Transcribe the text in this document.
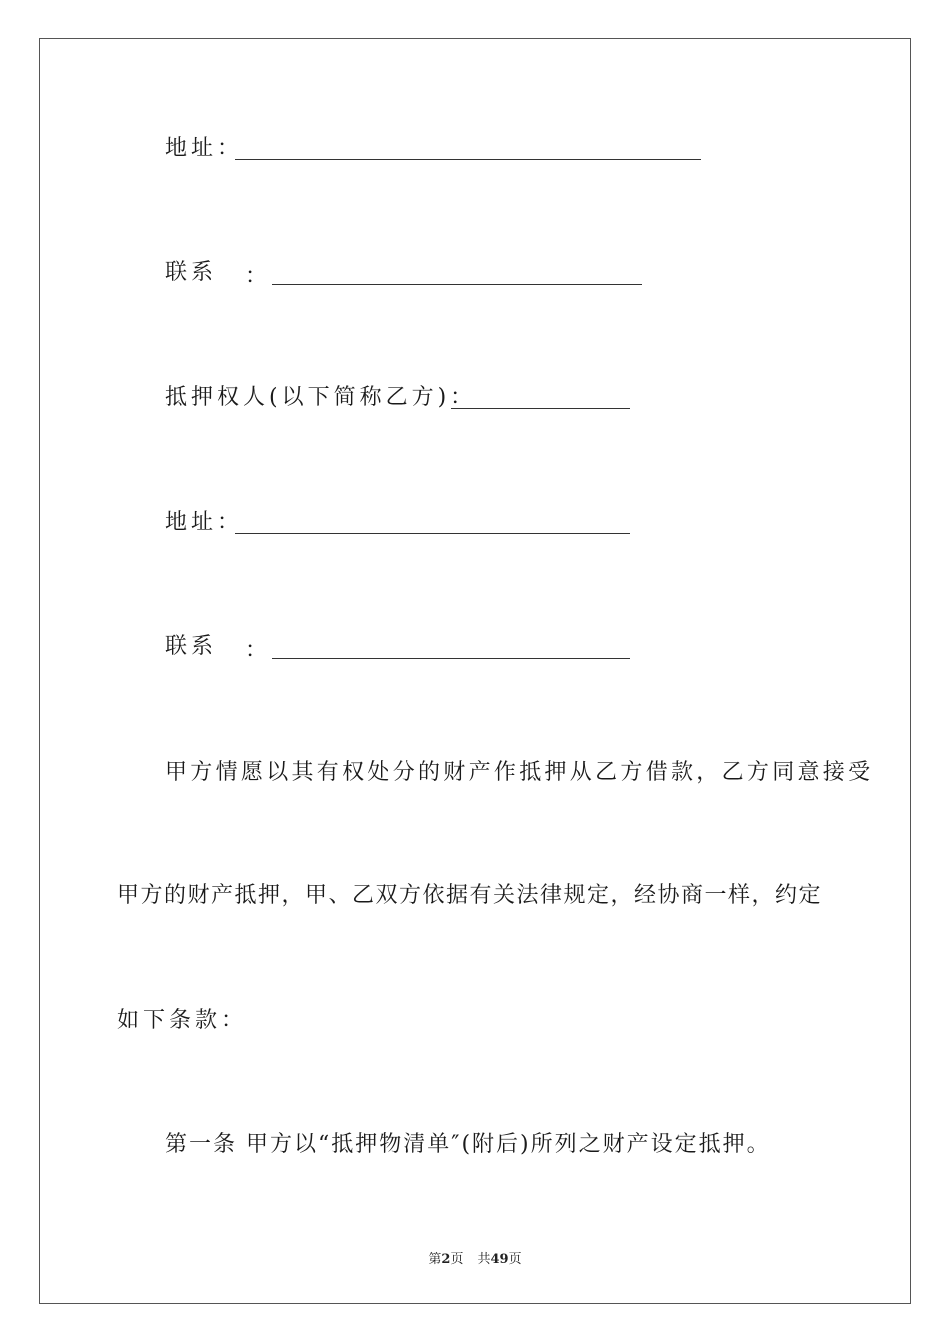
地址：
联系 ：
抵押权人(以下简称乙方)：
地址：
联系 ：
甲方情愿以其有权处分的财产作抵押从乙方借款，乙方同意接受
甲方的财产抵押，甲、乙双方依据有关法律规定，经协商一样，约定
如下条款：
第一条 甲方以“抵押物清单″(附后)所列之财产设定抵押。
第2页 共49页
